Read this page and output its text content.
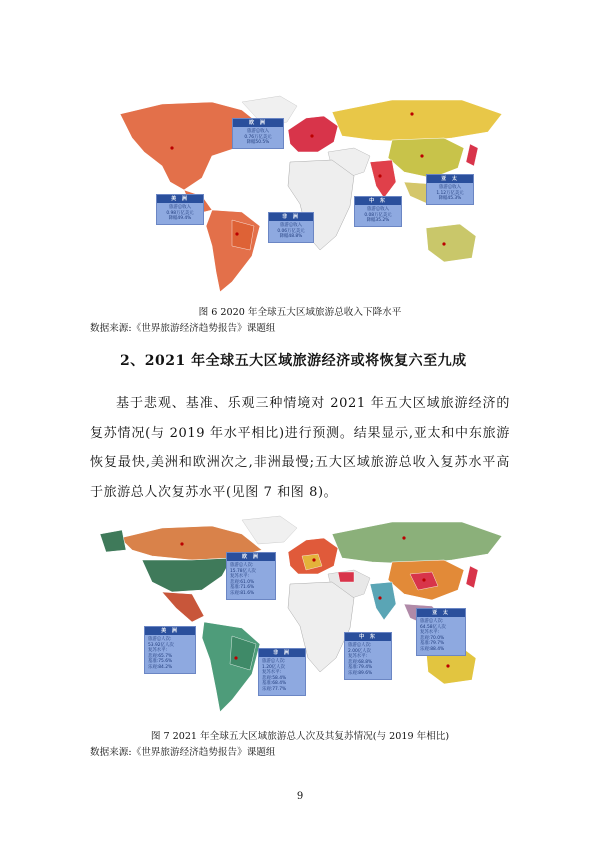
欧 洲
旅游总收入
0.76万亿美元
降幅50.5%
美 洲
旅游总收入
0.98万亿美元
降幅49.4%	非 洲
旅游总收入
0.06万亿美元
降幅48.8%
中 东
旅游总收入
0.08万亿美元
降幅35.2%
亚 太
旅游总收入
1.12万亿美元
降幅45.3%
图 6 2020 年全球五大区域旅游总收入下降水平
数据来源:《世界旅游经济趋势报告》课题组
2、2021 年全球五大区域旅游经济或将恢复六至九成
基于悲观、基准、乐观三种情境对 2021 年五大区域旅游经济的复苏情况(与 2019 年水平相比)进行预测。结果显示,亚太和中东旅游恢复最快,美洲和欧洲次之,非洲最慢;五大区域旅游总收入复苏水平高于旅游总人次复苏水平(见图 7 和图 8)。
欧 洲
旅游总人次:
15.78亿人次
复苏水平:
悲观:61.0%
基准:71.6%
乐观:81.6%
美 洲
旅游总人次:
53.92亿人次
复苏水平:
悲观:65.7%
基准:75.6%
乐观:84.2%
非 洲
旅游总人次:
1.20亿人次
复苏水平:
悲观:58.4%
基准:68.4%
乐观:77.7%
中 东
旅游总人次:
2.00亿人次
复苏水平:
悲观:68.8%
基准:79.4%
乐观:89.6%
亚 太
旅游总人次:
64.58亿人次
复苏水平:
悲观:70.0%
基准:79.7%
乐观:88.4%
图 7 2021 年全球五大区域旅游总人次及其复苏情况(与 2019 年相比)
数据来源:《世界旅游经济趋势报告》课题组
9
